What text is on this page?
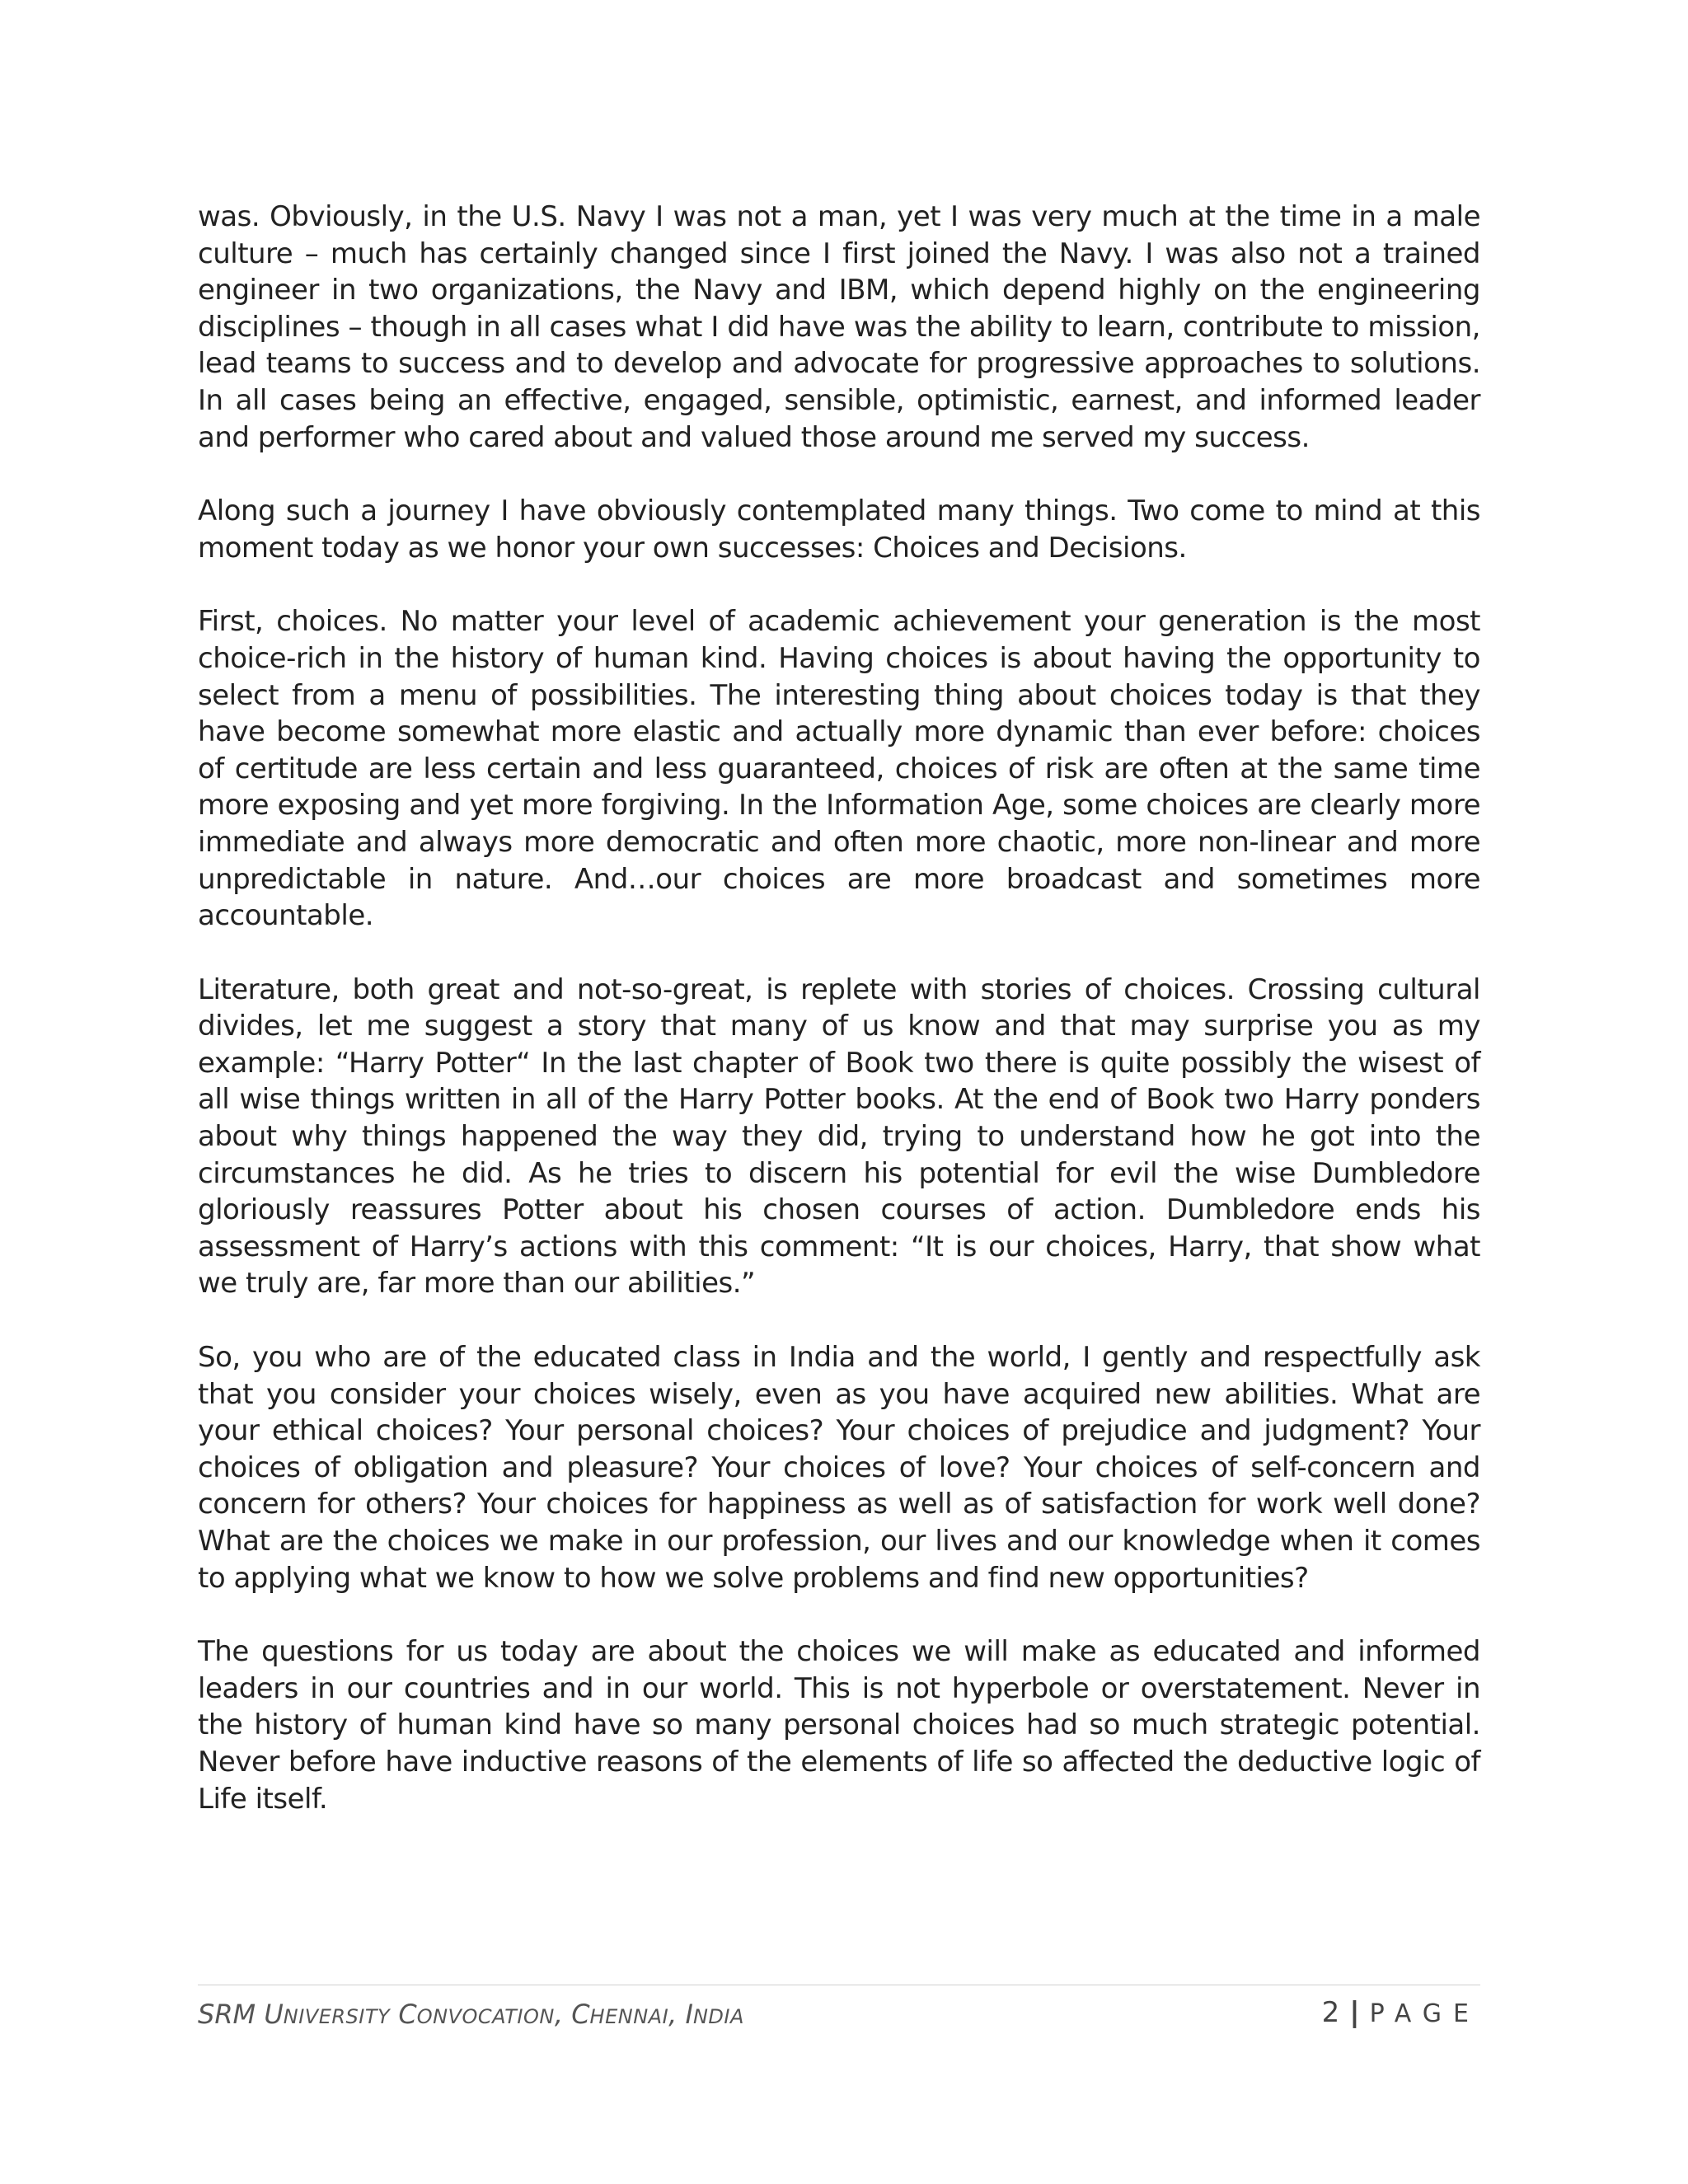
was. Obviously, in the U.S. Navy I was not a man, yet I was very much at the time in a male culture – much has certainly changed since I first joined the Navy. I was also not a trained engineer in two organizations, the Navy and IBM, which depend highly on the engineering disciplines – though in all cases what I did have was the ability to learn, contribute to mission, lead teams to success and to develop and advocate for progressive approaches to solutions. In all cases being an effective, engaged, sensible, optimistic, earnest, and informed leader and performer who cared about and valued those around me served my success.

Along such a journey I have obviously contemplated many things. Two come to mind at this moment today as we honor your own successes: Choices and Decisions.

First, choices. No matter your level of academic achievement your generation is the most choice-rich in the history of human kind. Having choices is about having the opportunity to select from a menu of possibilities. The interesting thing about choices today is that they have become somewhat more elastic and actually more dynamic than ever before: choices of certitude are less certain and less guaranteed, choices of risk are often at the same time more exposing and yet more forgiving. In the Information Age, some choices are clearly more immediate and always more democratic and often more chaotic, more non-linear and more unpredictable in nature. And…our choices are more broadcast and sometimes more accountable.

Literature, both great and not-so-great, is replete with stories of choices. Crossing cultural divides, let me suggest a story that many of us know and that may surprise you as my example: “Harry Potter“ In the last chapter of Book two there is quite possibly the wisest of all wise things written in all of the Harry Potter books. At the end of Book two Harry ponders about why things happened the way they did, trying to understand how he got into the circumstances he did. As he tries to discern his potential for evil the wise Dumbledore gloriously reassures Potter about his chosen courses of action. Dumbledore ends his assessment of Harry’s actions with this comment: “It is our choices, Harry, that show what we truly are, far more than our abilities.”

So, you who are of the educated class in India and the world, I gently and respectfully ask that you consider your choices wisely, even as you have acquired new abilities. What are your ethical choices? Your personal choices? Your choices of prejudice and judgment? Your choices of obligation and pleasure? Your choices of love? Your choices of self-concern and concern for others? Your choices for happiness as well as of satisfaction for work well done? What are the choices we make in our profession, our lives and our knowledge when it comes to applying what we know to how we solve problems and find new opportunities?

The questions for us today are about the choices we will make as educated and informed leaders in our countries and in our world. This is not hyperbole or overstatement. Never in the history of human kind have so many personal choices had so much strategic potential. Never before have inductive reasons of the elements of life so affected the deductive logic of Life itself.

SRM UNIVERSITY CONVOCATION, CHENNAI, INDIA	2 | PAGE
